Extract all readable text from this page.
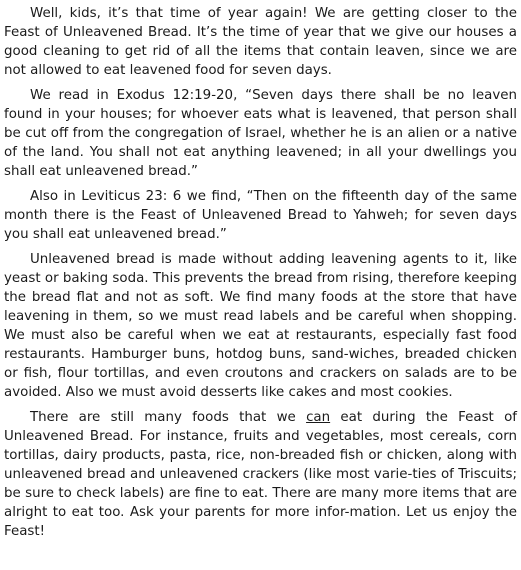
Well, kids, it’s that time of year again! We are getting closer to the Feast of Unleavened Bread. It’s the time of year that we give our houses a good cleaning to get rid of all the items that contain leaven, since we are not allowed to eat leavened food for seven days.

We read in Exodus 12:19-20, “Seven days there shall be no leaven found in your houses; for whoever eats what is leavened, that person shall be cut off from the congregation of Israel, whether he is an alien or a native of the land. You shall not eat anything leavened; in all your dwellings you shall eat unleavened bread.”

Also in Leviticus 23: 6 we find, “Then on the fifteenth day of the same month there is the Feast of Unleavened Bread to Yahweh; for seven days you shall eat unleavened bread.”

Unleavened bread is made without adding leavening agents to it, like yeast or baking soda. This prevents the bread from rising, therefore keeping the bread flat and not as soft. We find many foods at the store that have leavening in them, so we must read labels and be careful when shopping. We must also be careful when we eat at restaurants, especially fast food restaurants. Hamburger buns, hotdog buns, sand-wiches, breaded chicken or fish, flour tortillas, and even croutons and crackers on salads are to be avoided. Also we must avoid desserts like cakes and most cookies.

There are still many foods that we can eat during the Feast of Unleavened Bread. For instance, fruits and vegetables, most cereals, corn tortillas, dairy products, pasta, rice, non-breaded fish or chicken, along with unleavened bread and unleavened crackers (like most varie-ties of Triscuits; be sure to check labels) are fine to eat. There are many more items that are alright to eat too. Ask your parents for more infor-mation. Let us enjoy the Feast!
